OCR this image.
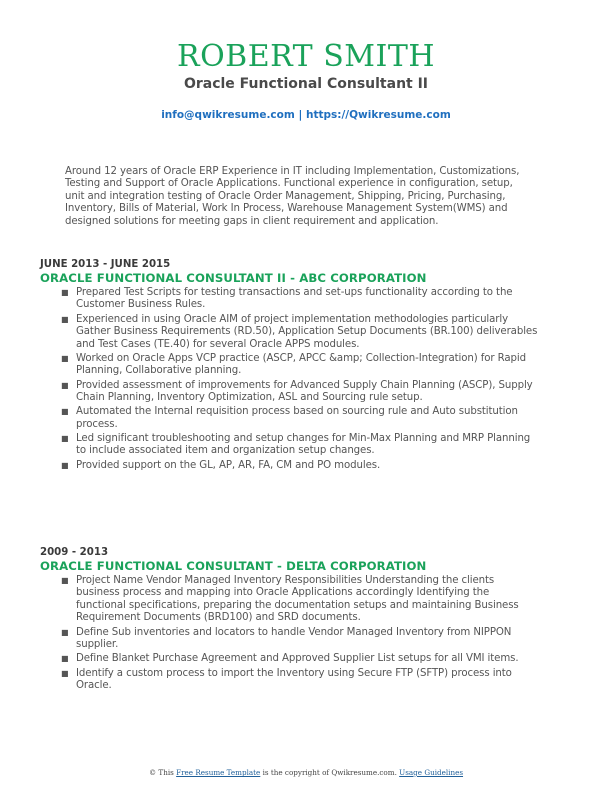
ROBERT SMITH
Oracle Functional Consultant II
info@qwikresume.com | https://Qwikresume.com
Around 12 years of Oracle ERP Experience in IT including Implementation, Customizations, Testing and Support of Oracle Applications. Functional experience in configuration, setup, unit and integration testing of Oracle Order Management, Shipping, Pricing, Purchasing, Inventory, Bills of Material, Work In Process, Warehouse Management System(WMS) and designed solutions for meeting gaps in client requirement and application.
JUNE 2013 - JUNE 2015
ORACLE FUNCTIONAL CONSULTANT II - ABC CORPORATION
■ Prepared Test Scripts for testing transactions and set-ups functionality according to the Customer Business Rules.
■ Experienced in using Oracle AIM of project implementation methodologies particularly Gather Business Requirements (RD.50), Application Setup Documents (BR.100) deliverables and Test Cases (TE.40) for several Oracle APPS modules.
■ Worked on Oracle Apps VCP practice (ASCP, APCC &amp; Collection-Integration) for Rapid Planning, Collaborative planning.
■ Provided assessment of improvements for Advanced Supply Chain Planning (ASCP), Supply Chain Planning, Inventory Optimization, ASL and Sourcing rule setup.
■ Automated the Internal requisition process based on sourcing rule and Auto substitution process.
■ Led significant troubleshooting and setup changes for Min-Max Planning and MRP Planning to include associated item and organization setup changes.
■ Provided support on the GL, AP, AR, FA, CM and PO modules.
2009 - 2013
ORACLE FUNCTIONAL CONSULTANT - DELTA CORPORATION
■ Project Name Vendor Managed Inventory Responsibilities Understanding the clients business process and mapping into Oracle Applications accordingly Identifying the functional specifications, preparing the documentation setups and maintaining Business Requirement Documents (BRD100) and SRD documents.
■ Define Sub inventories and locators to handle Vendor Managed Inventory from NIPPON supplier.
■ Define Blanket Purchase Agreement and Approved Supplier List setups for all VMI items.
■ Identify a custom process to import the Inventory using Secure FTP (SFTP) process into Oracle.
© This Free Resume Template is the copyright of Qwikresume.com. Usage Guidelines
